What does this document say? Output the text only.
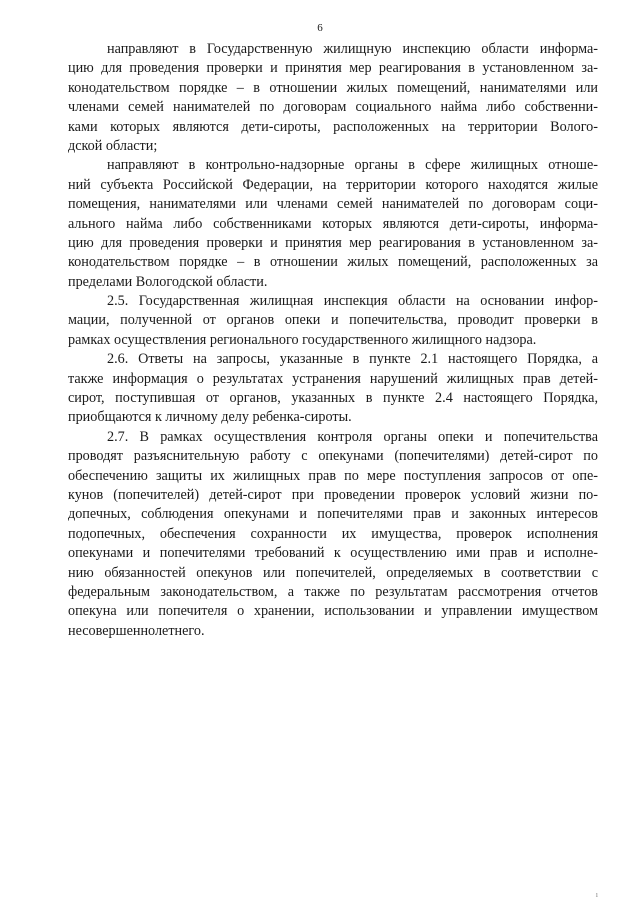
6
направляют в Государственную жилищную инспекцию области информа-
цию для проведения проверки и принятия мер реагирования в установленном за-
конодательством порядке – в отношении жилых помещений, нанимателями или
членами семей нанимателей по договорам социального найма либо собственни-
ками которых являются дети-сироты, расположенных на территории Волого-
дской области;
направляют в контрольно-надзорные органы в сфере жилищных отноше-
ний субъекта Российской Федерации, на территории которого находятся жилые
помещения, нанимателями или членами семей нанимателей по договорам соци-
ального найма либо собственниками которых являются дети-сироты, информа-
цию для проведения проверки и принятия мер реагирования в установленном за-
конодательством порядке – в отношении жилых помещений, расположенных за
пределами Вологодской области.
2.5. Государственная жилищная инспекция области на основании инфор-
мации, полученной от органов опеки и попечительства, проводит проверки в
рамках осуществления регионального государственного жилищного надзора.
2.6. Ответы на запросы, указанные в пункте 2.1 настоящего Порядка, а
также информация о результатах устранения нарушений жилищных прав детей-
сирот, поступившая от органов, указанных в пункте 2.4 настоящего Порядка,
приобщаются к личному делу ребенка-сироты.
2.7. В рамках осуществления контроля органы опеки и попечительства
проводят разъяснительную работу с опекунами (попечителями) детей-сирот по
обеспечению защиты их жилищных прав по мере поступления запросов от опе-
кунов (попечителей) детей-сирот при проведении проверок условий жизни по-
допечных, соблюдения опекунами и попечителями прав и законных интересов
подопечных, обеспечения сохранности их имущества, проверок исполнения
опекунами и попечителями требований к осуществлению ими прав и исполне-
нию обязанностей опекунов или попечителей, определяемых в соответствии с
федеральным законодательством, а также по результатам рассмотрения отчетов
опекуна или попечителя о хранении, использовании и управлении имуществом
несовершеннолетнего.
ı
